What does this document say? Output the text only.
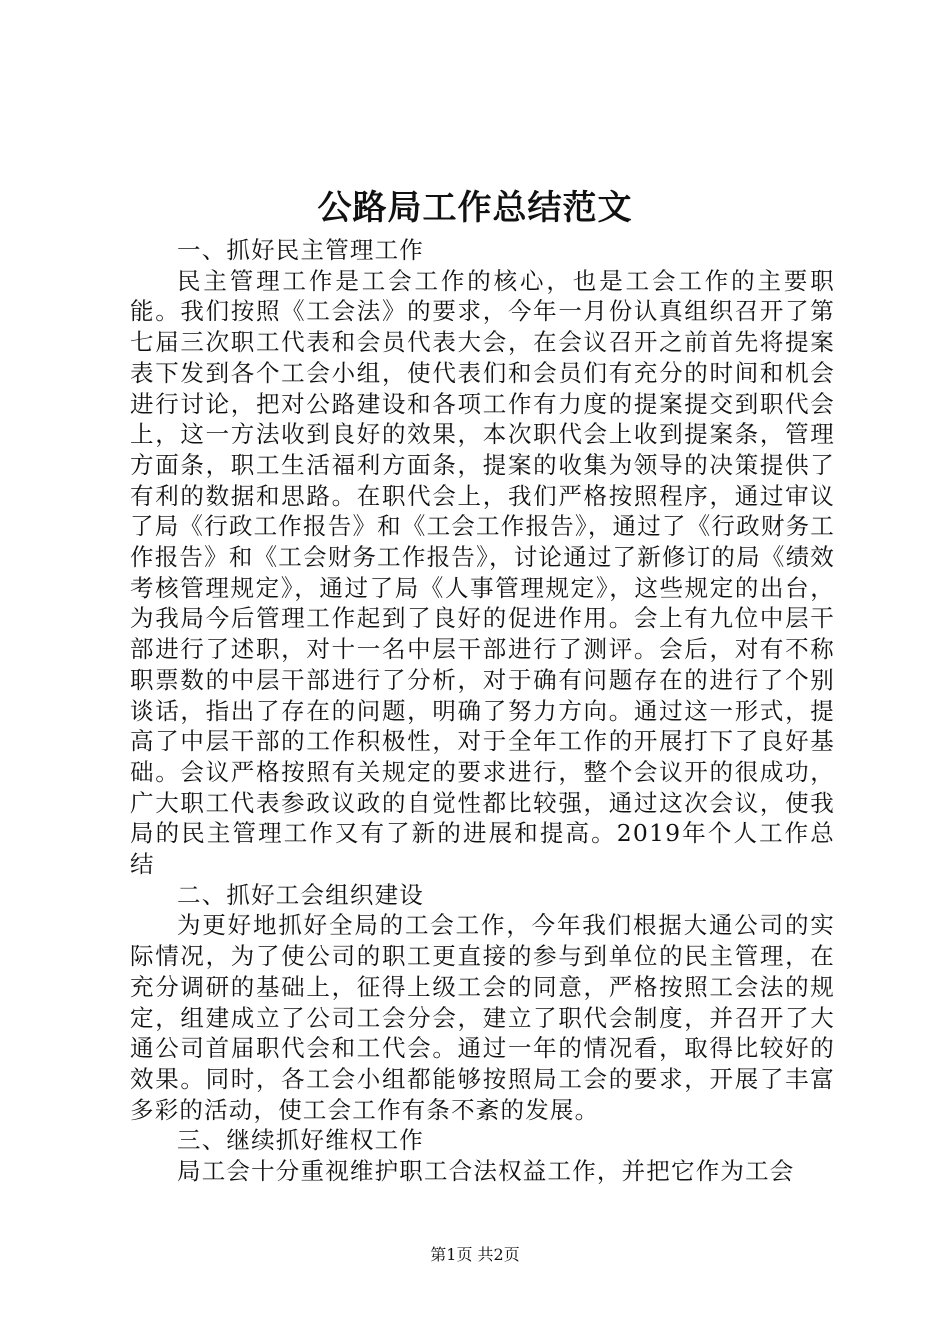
公路局工作总结范文

一、抓好民主管理工作

民主管理工作是工会工作的核心，也是工会工作的主要职能。我们按照《工会法》的要求，今年一月份认真组织召开了第七届三次职工代表和会员代表大会，在会议召开之前首先将提案表下发到各个工会小组，使代表们和会员们有充分的时间和机会进行讨论，把对公路建设和各项工作有力度的提案提交到职代会上，这一方法收到良好的效果，本次职代会上收到提案条，管理方面条，职工生活福利方面条，提案的收集为领导的决策提供了有利的数据和思路。在职代会上，我们严格按照程序，通过审议了局《行政工作报告》和《工会工作报告》，通过了《行政财务工作报告》和《工会财务工作报告》，讨论通过了新修订的局《绩效考核管理规定》，通过了局《人事管理规定》，这些规定的出台，为我局今后管理工作起到了良好的促进作用。会上有九位中层干部进行了述职，对十一名中层干部进行了测评。会后，对有不称职票数的中层干部进行了分析，对于确有问题存在的进行了个别谈话，指出了存在的问题，明确了努力方向。通过这一形式，提高了中层干部的工作积极性，对于全年工作的开展打下了良好基础。会议严格按照有关规定的要求进行，整个会议开的很成功，广大职工代表参政议政的自觉性都比较强，通过这次会议，使我局的民主管理工作又有了新的进展和提高。2019年个人工作总结

二、抓好工会组织建设

为更好地抓好全局的工会工作，今年我们根据大通公司的实际情况，为了使公司的职工更直接的参与到单位的民主管理，在充分调研的基础上，征得上级工会的同意，严格按照工会法的规定，组建成立了公司工会分会，建立了职代会制度，并召开了大通公司首届职代会和工代会。通过一年的情况看，取得比较好的效果。同时，各工会小组都能够按照局工会的要求，开展了丰富多彩的活动，使工会工作有条不紊的发展。

三、继续抓好维权工作

局工会十分重视维护职工合法权益工作，并把它作为工会

第1页 共2页
